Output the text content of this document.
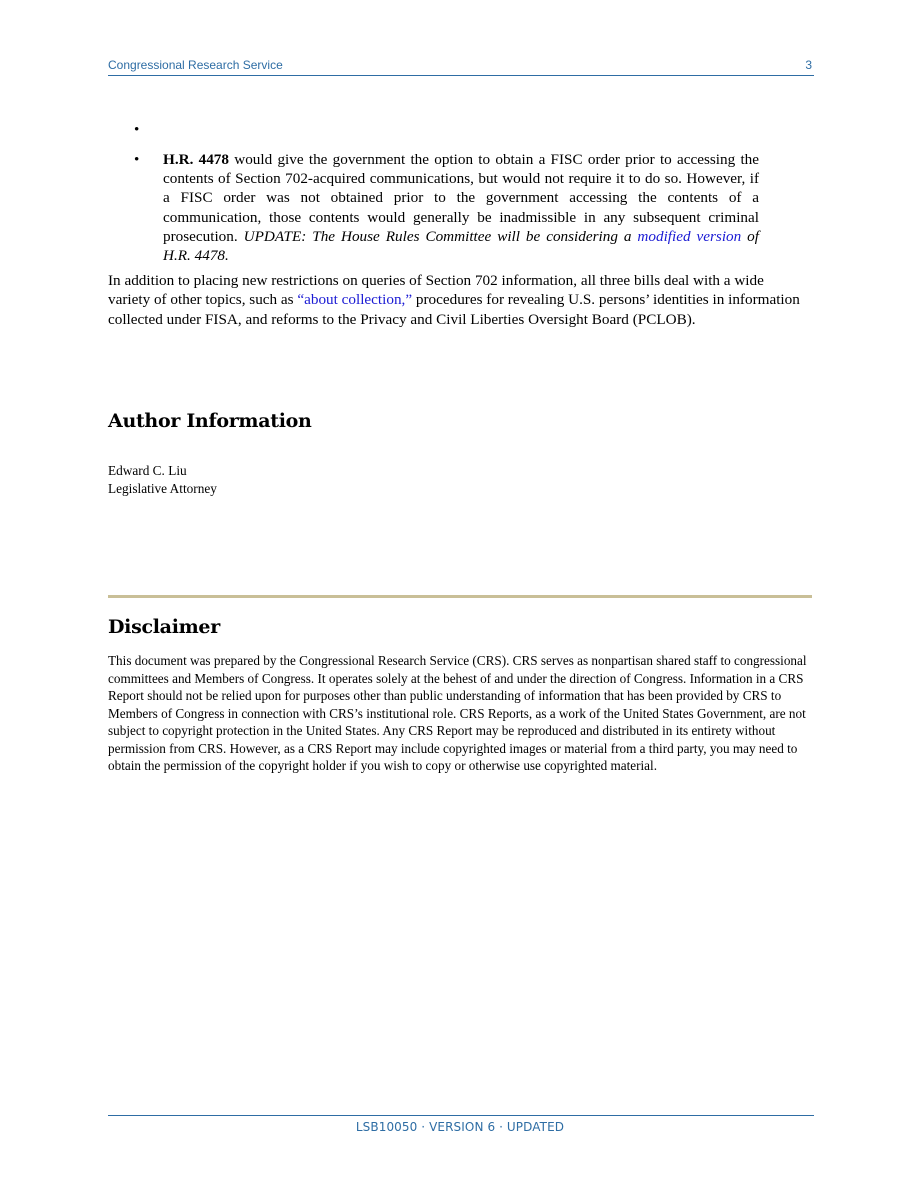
Congressional Research Service	3
•
• H.R. 4478 would give the government the option to obtain a FISC order prior to accessing the contents of Section 702-acquired communications, but would not require it to do so. However, if a FISC order was not obtained prior to the government accessing the contents of a communication, those contents would generally be inadmissible in any subsequent criminal prosecution. UPDATE: The House Rules Committee will be considering a modified version of H.R. 4478.

In addition to placing new restrictions on queries of Section 702 information, all three bills deal with a wide variety of other topics, such as “about collection,” procedures for revealing U.S. persons’ identities in information collected under FISA, and reforms to the Privacy and Civil Liberties Oversight Board (PCLOB).

Author Information
Edward C. Liu
Legislative Attorney
Disclaimer

This document was prepared by the Congressional Research Service (CRS). CRS serves as nonpartisan shared staff to congressional committees and Members of Congress. It operates solely at the behest of and under the direction of Congress. Information in a CRS Report should not be relied upon for purposes other than public understanding of information that has been provided by CRS to Members of Congress in connection with CRS’s institutional role. CRS Reports, as a work of the United States Government, are not subject to copyright protection in the United States. Any CRS Report may be reproduced and distributed in its entirety without permission from CRS. However, as a CRS Report may include copyrighted images or material from a third party, you may need to obtain the permission of the copyright holder if you wish to copy or otherwise use copyrighted material.

LSB10050 · VERSION 6 · UPDATED
